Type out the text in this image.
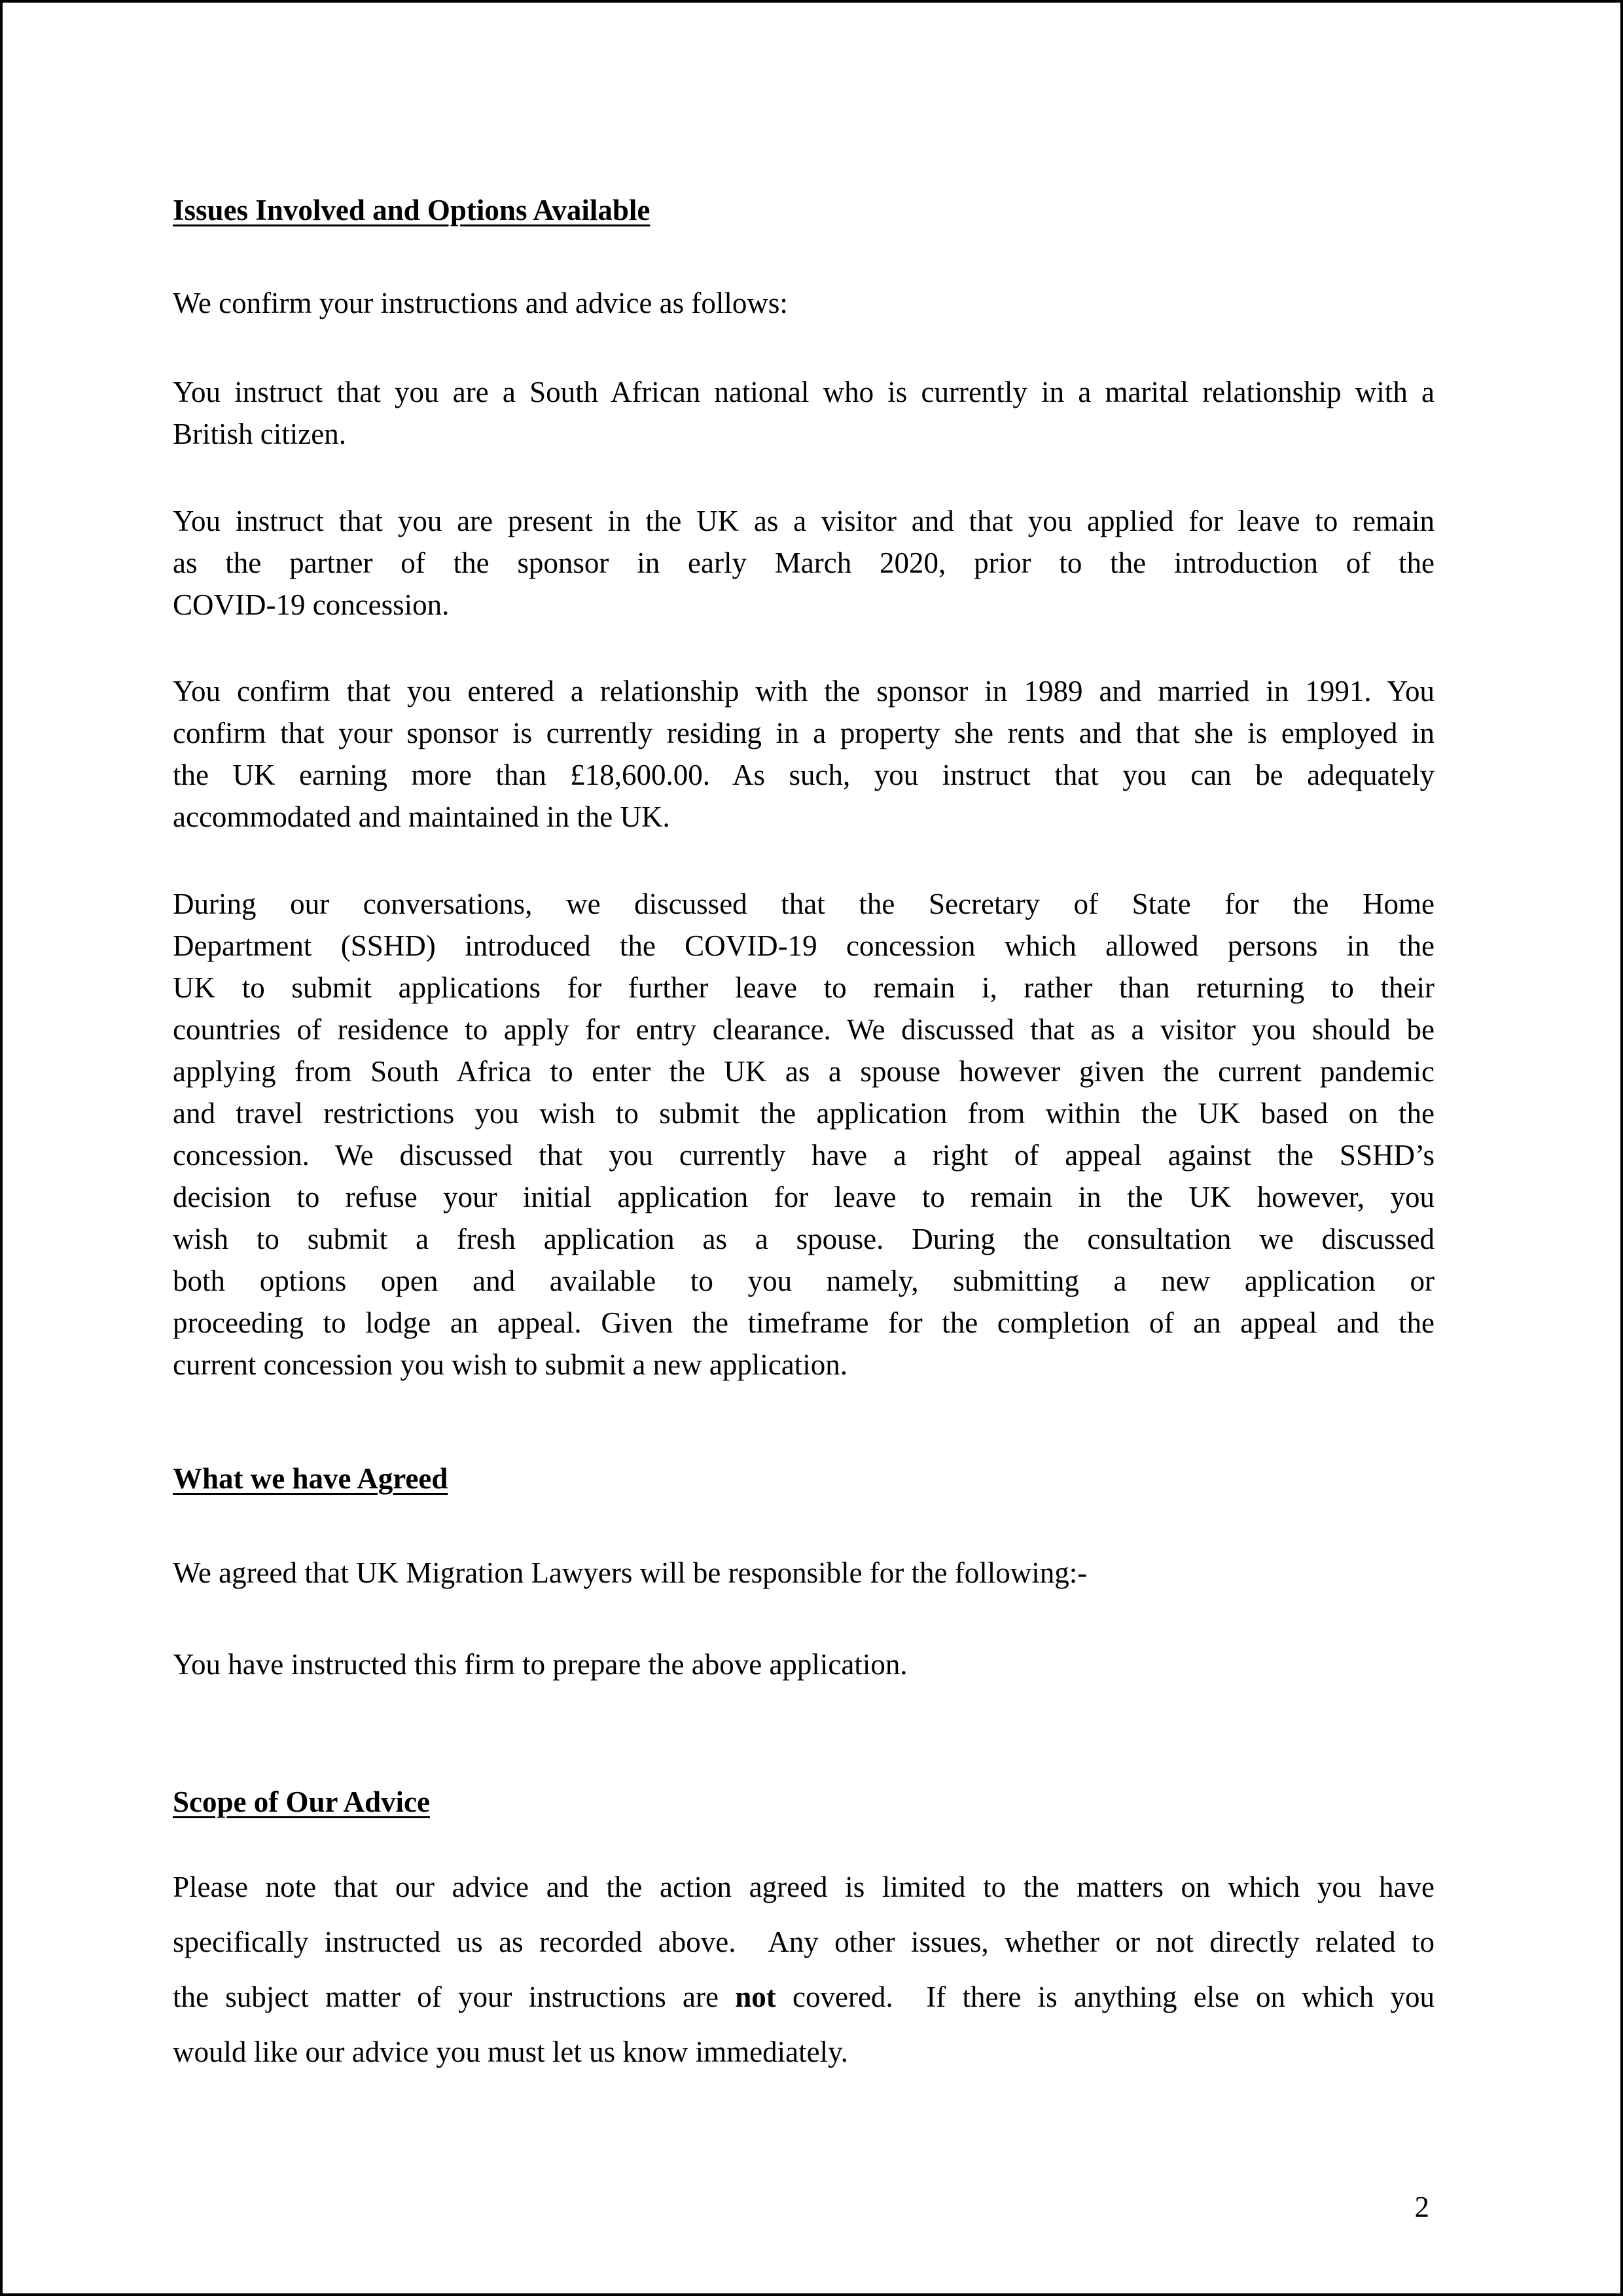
Issues Involved and Options Available
We confirm your instructions and advice as follows:
You instruct that you are a South African national who is currently in a marital relationship with a
British citizen.
You instruct that you are present in the UK as a visitor and that you applied for leave to remain
as the partner of the sponsor in early March 2020, prior to the introduction of the
COVID-19 concession.
You confirm that you entered a relationship with the sponsor in 1989 and married in 1991. You
confirm that your sponsor is currently residing in a property she rents and that she is employed in
the UK earning more than £18,600.00. As such, you instruct that you can be adequately
accommodated and maintained in the UK.
During our conversations, we discussed that the Secretary of State for the Home
Department (SSHD) introduced the COVID-19 concession which allowed persons in the
UK to submit applications for further leave to remain i, rather than returning to their
countries of residence to apply for entry clearance. We discussed that as a visitor you should be
applying from South Africa to enter the UK as a spouse however given the current pandemic
and travel restrictions you wish to submit the application from within the UK based on the
concession. We discussed that you currently have a right of appeal against the SSHD’s
decision to refuse your initial application for leave to remain in the UK however, you
wish to submit a fresh application as a spouse. During the consultation we discussed
both options open and available to you namely, submitting a new application or
proceeding to lodge an appeal. Given the timeframe for the completion of an appeal and the
current concession you wish to submit a new application.
What we have Agreed
We agreed that UK Migration Lawyers will be responsible for the following:-
You have instructed this firm to prepare the above application.
Scope of Our Advice
Please note that our advice and the action agreed is limited to the matters on which you have
specifically instructed us as recorded above.  Any other issues, whether or not directly related to
the subject matter of your instructions are not covered.  If there is anything else on which you
would like our advice you must let us know immediately.
2
